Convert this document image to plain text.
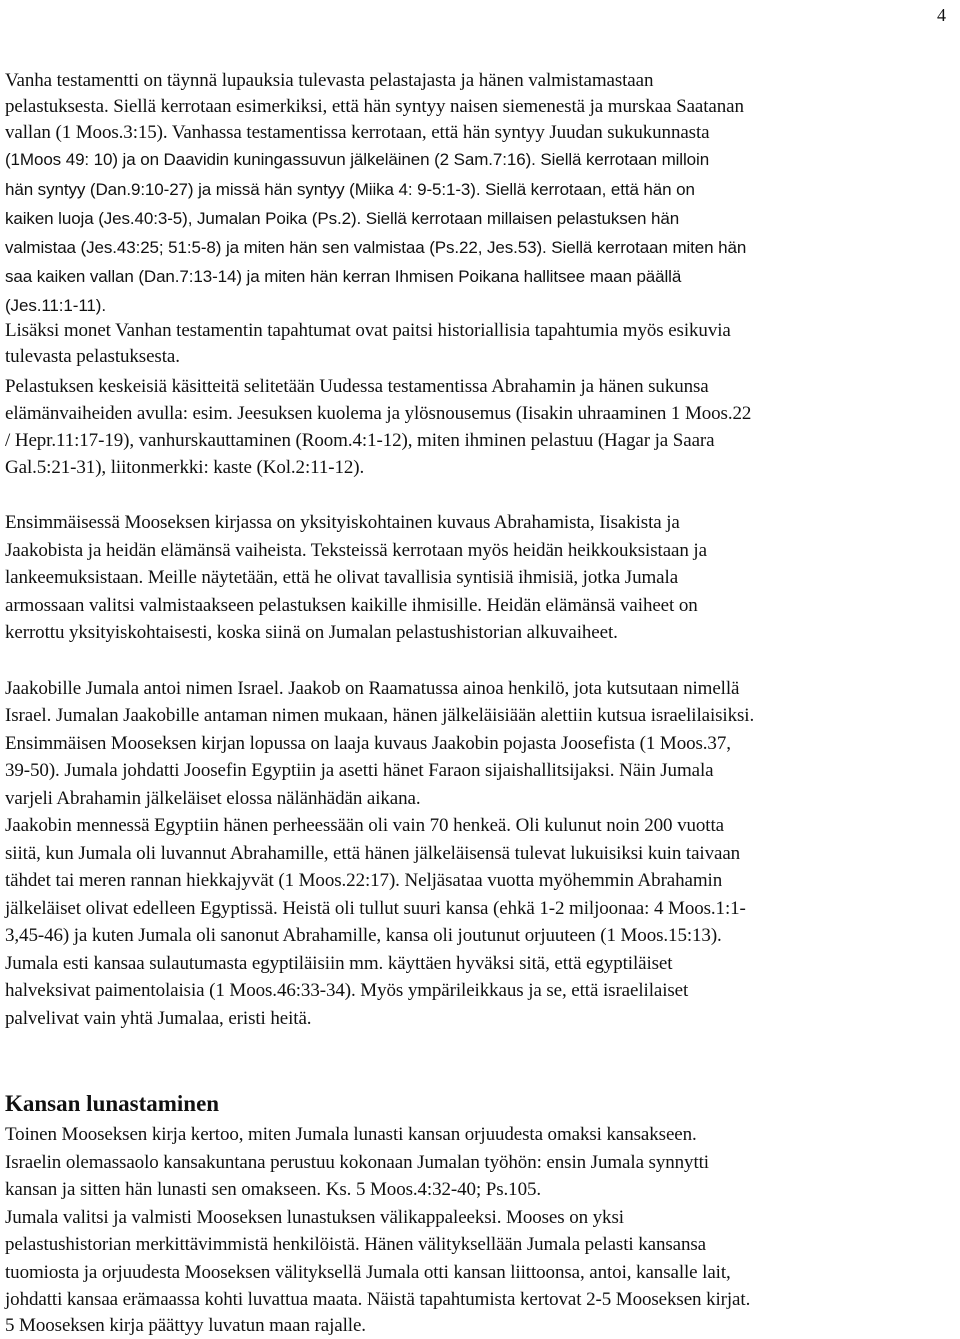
4
Vanha testamentti on täynnä lupauksia tulevasta pelastajasta ja hänen valmistamastaan
pelastuksesta. Siellä kerrotaan esimerkiksi, että hän syntyy naisen siemenestä ja murskaa Saatanan
vallan (1 Moos.3:15). Vanhassa testamentissa kerrotaan, että hän syntyy Juudan sukukunnasta
(1Moos 49: 10) ja on Daavidin kuningassuvun jälkeläinen (2 Sam.7:16). Siellä kerrotaan milloin
hän syntyy (Dan.9:10-27) ja missä hän syntyy (Miika 4: 9-5:1-3). Siellä kerrotaan, että hän on
kaiken luoja (Jes.40:3-5), Jumalan Poika (Ps.2). Siellä kerrotaan millaisen pelastuksen hän
valmistaa (Jes.43:25; 51:5-8) ja miten hän sen valmistaa (Ps.22, Jes.53). Siellä kerrotaan miten hän
saa kaiken vallan (Dan.7:13-14) ja miten hän kerran Ihmisen Poikana hallitsee maan päällä
(Jes.11:1-11).
Lisäksi monet Vanhan testamentin tapahtumat ovat paitsi historiallisia tapahtumia myös esikuvia
tulevasta pelastuksesta.
Pelastuksen keskeisiä käsitteitä selitetään Uudessa testamentissa Abrahamin ja hänen sukunsa
elämänvaiheiden avulla: esim. Jeesuksen kuolema ja ylösnousemus (Iisakin uhraaminen 1 Moos.22
/ Hepr.11:17-19), vanhurskauttaminen (Room.4:1-12), miten ihminen pelastuu (Hagar ja Saara
Gal.5:21-31), liitonmerkki: kaste (Kol.2:11-12).
Ensimmäisessä Mooseksen kirjassa on yksityiskohtainen kuvaus Abrahamista, Iisakista ja
Jaakobista ja heidän elämänsä vaiheista. Teksteissä kerrotaan myös heidän heikkouksistaan ja
lankeemuksistaan. Meille näytetään, että he olivat tavallisia syntisiä ihmisiä, jotka Jumala
armossaan valitsi valmistaakseen pelastuksen kaikille ihmisille. Heidän elämänsä vaiheet on
kerrottu yksityiskohtaisesti, koska siinä on Jumalan pelastushistorian alkuvaiheet.
Jaakobille Jumala antoi nimen Israel. Jaakob on Raamatussa ainoa henkilö, jota kutsutaan nimellä
Israel. Jumalan Jaakobille antaman nimen mukaan, hänen jälkeläisiään alettiin kutsua israelilaisiksi.
Ensimmäisen Mooseksen kirjan lopussa on laaja kuvaus Jaakobin pojasta Joosefista (1 Moos.37,
39-50). Jumala johdatti Joosefin Egyptiin ja asetti hänet Faraon sijaishallitsijaksi. Näin Jumala
varjeli Abrahamin jälkeläiset elossa nälänhädän aikana.
Jaakobin mennessä Egyptiin hänen perheessään oli vain 70 henkeä. Oli kulunut noin 200 vuotta
siitä, kun Jumala oli luvannut Abrahamille, että hänen jälkeläisensä tulevat lukuisiksi kuin taivaan
tähdet tai meren rannan hiekkajyvät (1 Moos.22:17). Neljäsataa vuotta myöhemmin Abrahamin
jälkeläiset olivat edelleen Egyptissä. Heistä oli tullut suuri kansa (ehkä 1-2 miljoonaa: 4 Moos.1:1-
3,45-46) ja kuten Jumala oli sanonut Abrahamille, kansa oli joutunut orjuuteen (1 Moos.15:13).
Jumala esti kansaa sulautumasta egyptiläisiin mm. käyttäen hyväksi sitä, että egyptiläiset
halveksivat paimentolaisia (1 Moos.46:33-34). Myös ympärileikkaus ja se, että israelilaiset
palvelivat vain yhtä Jumalaa, eristi heitä.
Kansan lunastaminen
Toinen Mooseksen kirja kertoo, miten Jumala lunasti kansan orjuudesta omaksi kansakseen.
Israelin olemassaolo kansakuntana perustuu kokonaan Jumalan työhön: ensin Jumala synnytti
kansan ja sitten hän lunasti sen omakseen. Ks. 5 Moos.4:32-40; Ps.105.
Jumala valitsi ja valmisti Mooseksen lunastuksen välikappaleeksi. Mooses on yksi
pelastushistorian merkittävimmistä henkilöistä. Hänen välityksellään Jumala pelasti kansansa
tuomiosta ja orjuudesta Mooseksen välityksellä Jumala otti kansan liittoonsa, antoi, kansalle lait,
johdatti kansaa erämaassa kohti luvattua maata. Näistä tapahtumista kertovat 2-5 Mooseksen kirjat.
5 Mooseksen kirja päättyy luvatun maan rajalle.
